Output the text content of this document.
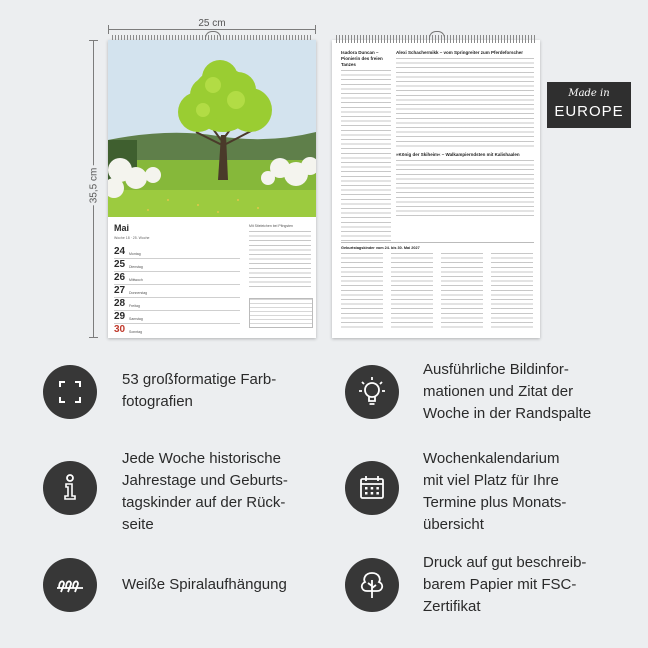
25 cm
35,5 cm
Mai
Woche 18 · 25. Woche
24 Montag
25 Dienstag
26 Mittwoch
27 Donnerstag
28 Freitag
29 Samstag
30 Sonntag
Mit Stieleichen bei Pfingsten
Isadora Duncan – Pionierin des freien Tanzes
Alexi Schachermikk – vom Springreiter zum Pferdeforscher
»König der Skiheim« – Walkampierndsten mit Kalishaalen
Geburtstagskinder vom 24. bis 30. Mai 2027
Made in
EUROPE
53 großformatige Farb-
fotografien
Ausführliche Bildinfor-
mationen und Zitat der
Woche in der Randspalte
Jede Woche historische
Jahrestage und Geburts-
tagskinder auf der Rück-
seite
Wochenkalendarium
mit viel Platz für Ihre
Termine plus Monats-
übersicht
Weiße Spiralaufhängung
Druck auf gut beschreib-
barem Papier mit FSC-
Zertifikat
